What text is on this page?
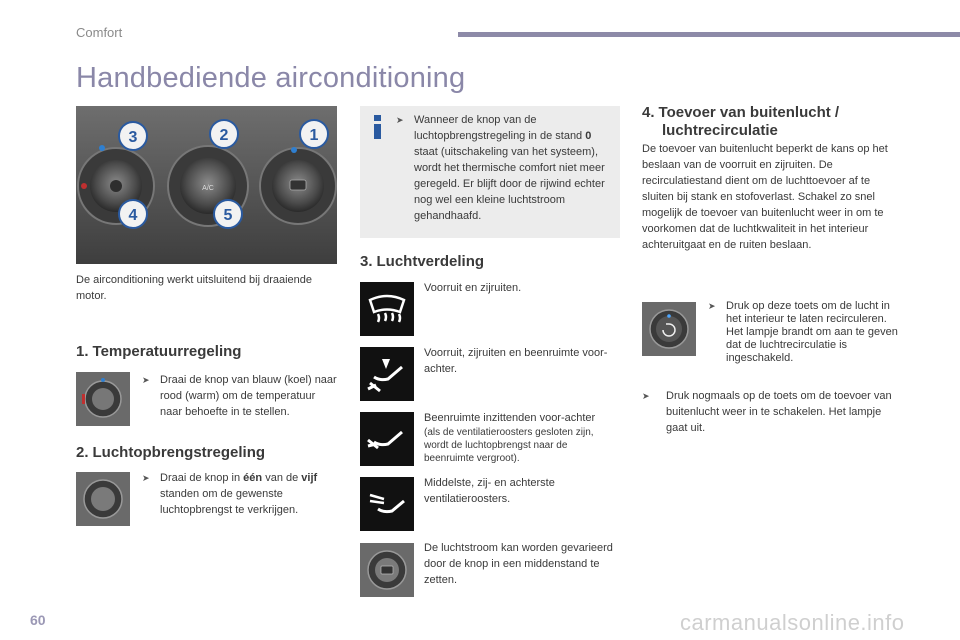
Comfort
Handbediende airconditioning
A/C
3	2	1
4	5
De airconditioning werkt uitsluitend bij draaiende motor.
1. Temperatuurregeling
➤ Draai de knop van blauw (koel) naar rood (warm) om de temperatuur naar behoefte in te stellen.
2. Luchtopbrengstregeling
➤ Draai de knop in één van de vijf standen om de gewenste luchtopbrengst te verkrijgen.
➤ Wanneer de knop van de luchtopbrengstregeling in de stand 0 staat (uitschakeling van het systeem), wordt het thermische comfort niet meer geregeld. Er blijft door de rijwind echter nog wel een kleine luchtstroom gehandhaafd.
3. Luchtverdeling
Voorruit en zijruiten.
Voorruit, zijruiten en beenruimte voor-achter.
Beenruimte inzittenden voor-achter
(als de ventilatieroosters gesloten zijn, wordt de luchtopbrengst naar de beenruimte vergroot).
Middelste, zij- en achterste ventilatieroosters.
De luchtstroom kan worden gevarieerd door de knop in een middenstand te zetten.
4. Toevoer van buitenlucht /
luchtrecirculatie
De toevoer van buitenlucht beperkt de kans op het beslaan van de voorruit en zijruiten. De recirculatiestand dient om de luchttoevoer af te sluiten bij stank en stofoverlast. Schakel zo snel mogelijk de toevoer van buitenlucht weer in om te voorkomen dat de luchtkwaliteit in het interieur achteruitgaat en de ruiten beslaan.
➤ Druk op deze toets om de lucht in het interieur te laten recirculeren. Het lampje brandt om aan te geven dat de luchtrecirculatie is ingeschakeld.
➤	Druk nogmaals op de toets om de toevoer van buitenlucht weer in te schakelen. Het lampje gaat uit.
60	carmanualsonline.info
